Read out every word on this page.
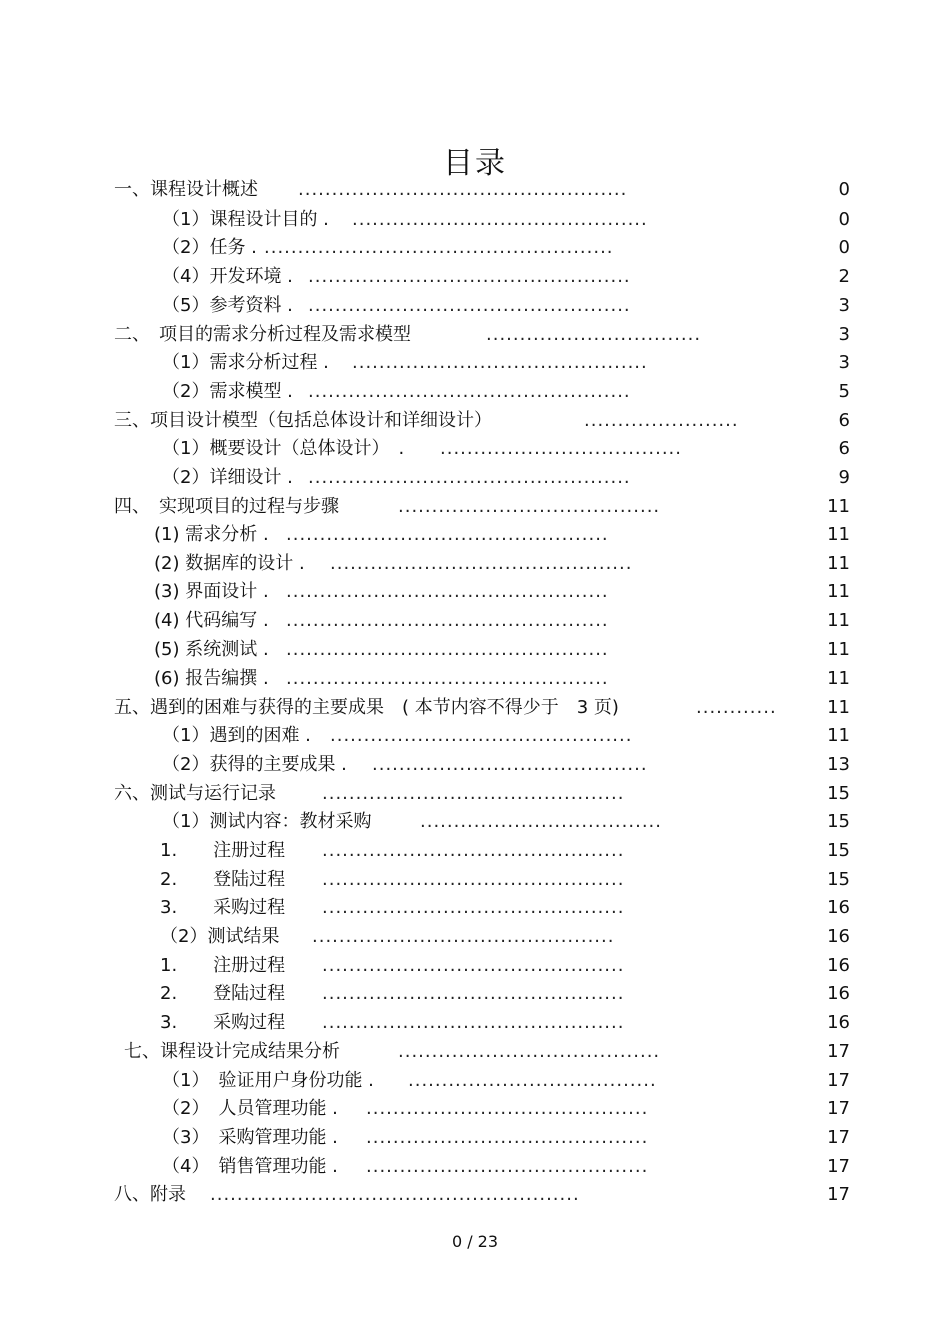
目录
一、课程设计概述 .................................................	0
（1）课程设计目的 . ............................................	0
（2）任务 . ....................................................	0
（4）开发环境 . ................................................	2
（5）参考资料 . ................................................	3
二、　项目的需求分析过程及需求模型	................................	3
（1）需求分析过程 . ............................................	3
（2）需求模型 . ................................................	5
三、项目设计模型（包括总体设计和详细设计）	.......................	6
（1）概要设计（总体设计）　. ....................................	6
（2）详细设计 . ................................................	9
四、　实现项目的过程与步骤	.......................................	11
(1) 需求分析 . ................................................	11
(2) 数据库的设计 . .............................................	11
(3) 界面设计 . ................................................	11
(4) 代码编写 . ................................................	11
(5) 系统测试 . ................................................	11
(6) 报告编撰 . ................................................	11
五、遇到的困难与获得的主要成果　( 本节内容不得少于　3 页)	............	11
（1）遇到的困难 . .............................................	11
（2）获得的主要成果 . .........................................	13
六、测试与运行记录	.............................................	15
（1）测试内容：教材采购	....................................	15
1.　　注册过程 .............................................	15
2.　　登陆过程 .............................................	15
3.　　采购过程 .............................................	16
（2）测试结果 .............................................	16
1.　　注册过程 .............................................	16
2.　　登陆过程 .............................................	16
3.　　采购过程 .............................................	16
七、课程设计完成结果分析	.......................................	17
（1）　验证用户身份功能 . .....................................	17
（2）　人员管理功能 . ..........................................	17
（3）　采购管理功能 . ..........................................	17
（4）　销售管理功能 . ..........................................	17
八、附录 .......................................................	17
0 / 23
